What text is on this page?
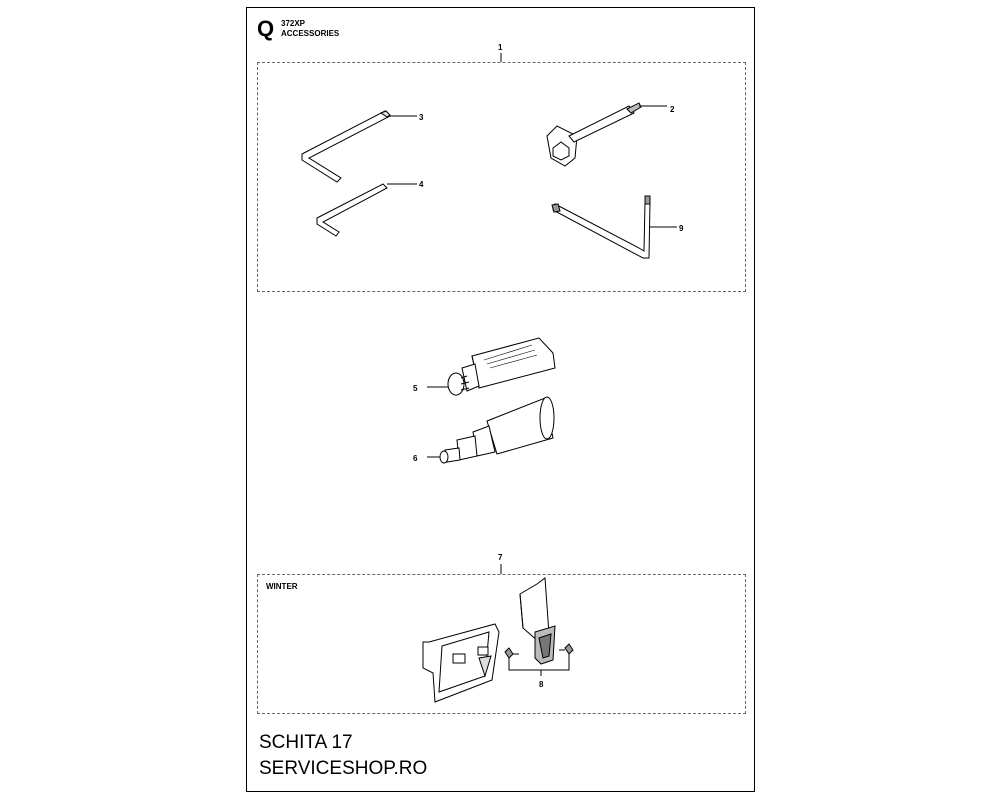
Q 372XP
ACCESSORIES
WINTER
1
2
3
4
9
5
6
7
8
SCHITA 17
SERVICESHOP.RO
